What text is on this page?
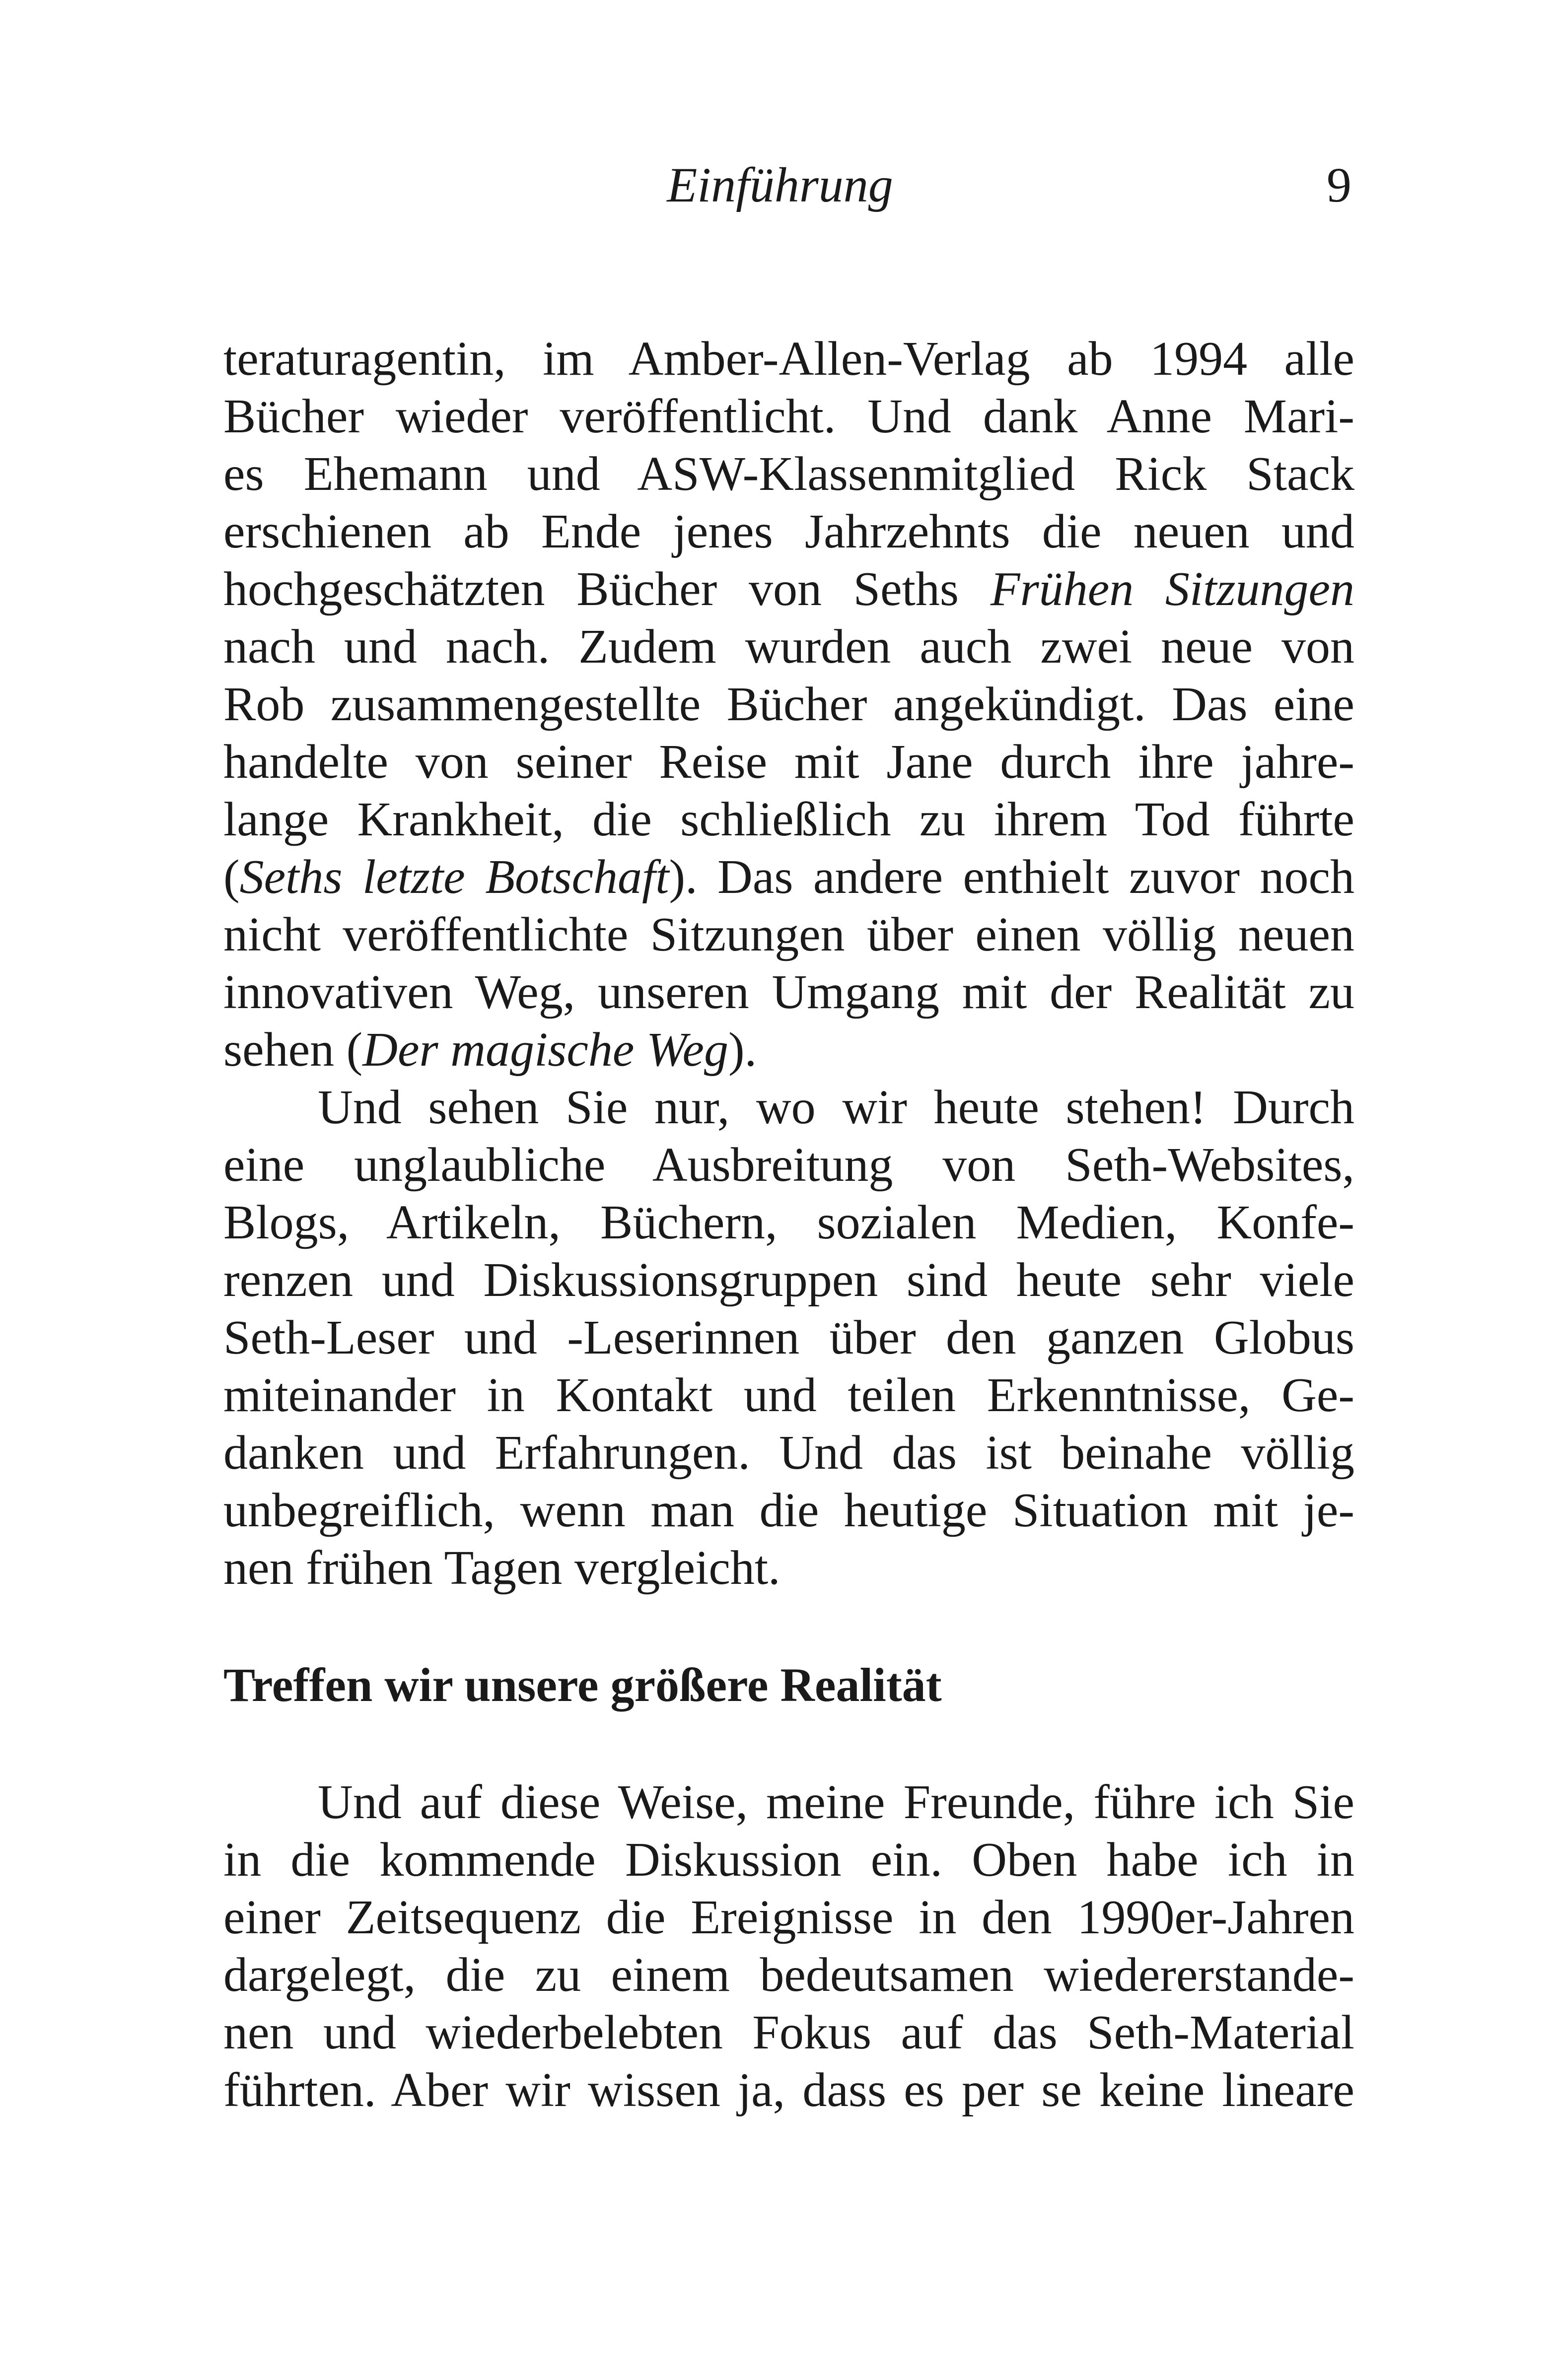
Einführung	9
teraturagentin, im Amber-Allen-Verlag ab 1994 alle
Bücher wieder veröffentlicht. Und dank Anne Mari-
es Ehemann und ASW-Klassenmitglied Rick Stack
erschienen ab Ende jenes Jahrzehnts die neuen und
hochgeschätzten Bücher von Seths Frühen Sitzungen
nach und nach. Zudem wurden auch zwei neue von
Rob zusammengestellte Bücher angekündigt. Das eine
handelte von seiner Reise mit Jane durch ihre jahre-
lange Krankheit, die schließlich zu ihrem Tod führte
(Seths letzte Botschaft). Das andere enthielt zuvor noch
nicht veröffentlichte Sitzungen über einen völlig neuen
innovativen Weg, unseren Umgang mit der Realität zu
sehen (Der magische Weg).
Und sehen Sie nur, wo wir heute stehen! Durch
eine unglaubliche Ausbreitung von Seth-Websites,
Blogs, Artikeln, Büchern, sozialen Medien, Konfe-
renzen und Diskussionsgruppen sind heute sehr viele
Seth-Leser und -Leserinnen über den ganzen Globus
miteinander in Kontakt und teilen Erkenntnisse, Ge-
danken und Erfahrungen. Und das ist beinahe völlig
unbegreiflich, wenn man die heutige Situation mit je-
nen frühen Tagen vergleicht.
Treffen wir unsere größere Realität
Und auf diese Weise, meine Freunde, führe ich Sie
in die kommende Diskussion ein. Oben habe ich in
einer Zeitsequenz die Ereignisse in den 1990er-Jahren
dargelegt, die zu einem bedeutsamen wiedererstande-
nen und wiederbelebten Fokus auf das Seth-Material
führten. Aber wir wissen ja, dass es per se keine lineare
